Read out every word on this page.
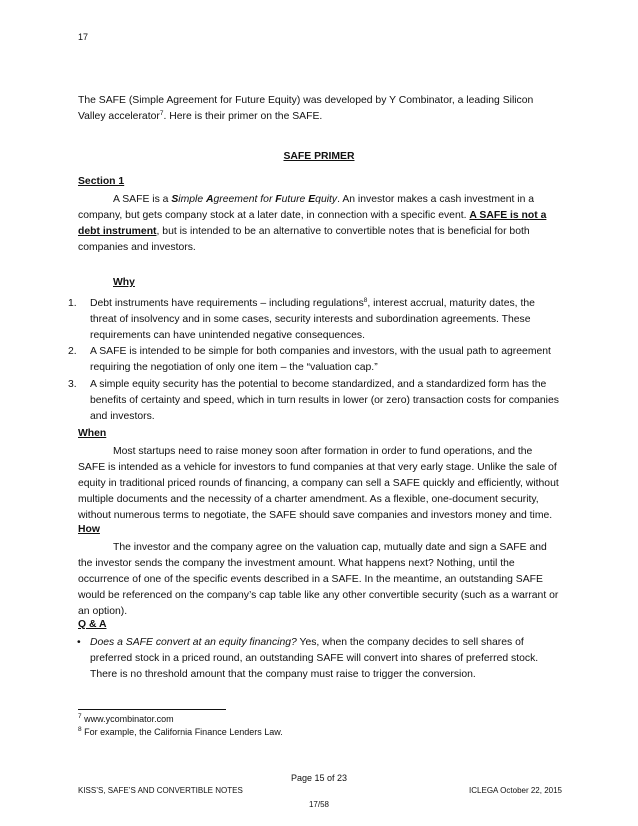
17

The SAFE (Simple Agreement for Future Equity) was developed by Y Combinator, a leading Silicon Valley accelerator$^7$. Here is their primer on the SAFE.

SAFE PRIMER
Section 1

A SAFE is a Simple Agreement for Future Equity. An investor makes a cash investment in a company, but gets company stock at a later date, in connection with a specific event. A SAFE is not a debt instrument, but is intended to be an alternative to convertible notes that is beneficial for both companies and investors.

Why
1. Debt instruments have requirements – including regulations$^8$, interest accrual, maturity dates, the threat of insolvency and in some cases, security interests and subordination agreements. These requirements can have unintended negative consequences.
2. A SAFE is intended to be simple for both companies and investors, with the usual path to agreement requiring the negotiation of only one item – the “valuation cap.”
3. A simple equity security has the potential to become standardized, and a standardized form has the benefits of certainty and speed, which in turn results in lower (or zero) transaction costs for companies and investors.
When

Most startups need to raise money soon after formation in order to fund operations, and the SAFE is intended as a vehicle for investors to fund companies at that very early stage. Unlike the sale of equity in traditional priced rounds of financing, a company can sell a SAFE quickly and efficiently, without multiple documents and the necessity of a charter amendment. As a flexible, one-document security, without numerous terms to negotiate, the SAFE should save companies and investors money and time.

How

The investor and the company agree on the valuation cap, mutually date and sign a SAFE and the investor sends the company the investment amount. What happens next? Nothing, until the occurrence of one of the specific events described in a SAFE. In the meantime, an outstanding SAFE would be referenced on the company’s cap table like any other convertible security (such as a warrant or an option).

Q & A
• Does a SAFE convert at an equity financing? Yes, when the company decides to sell shares of preferred stock in a priced round, an outstanding SAFE will convert into shares of preferred stock. There is no threshold amount that the company must raise to trigger the conversion.
$^7$ www.ycombinator.com
$^8$ For example, the California Finance Lenders Law.
Page 15 of 23
KISS’S, SAFE’S AND CONVERTIBLE NOTES	ICLEGA October 22, 2015
17/58
